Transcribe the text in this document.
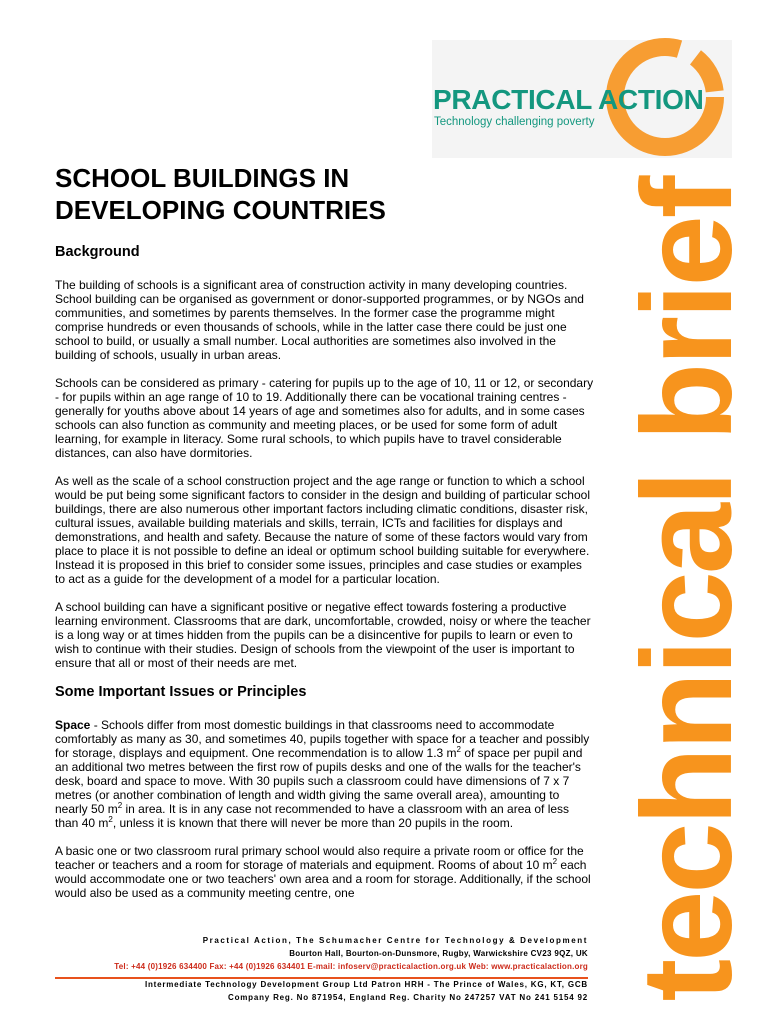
PRACTICAL ACTION
Technology challenging poverty
technical brief
SCHOOL BUILDINGS IN
DEVELOPING COUNTRIES
Background

The building of schools is a significant area of construction activity in many developing countries. School building can be organised as government or donor-supported programmes, or by NGOs and communities, and sometimes by parents themselves. In the former case the programme might comprise hundreds or even thousands of schools, while in the latter case there could be just one school to build, or usually a small number. Local authorities are sometimes also involved in the building of schools, usually in urban areas.

Schools can be considered as primary - catering for pupils up to the age of 10, 11 or 12, or secondary - for pupils within an age range of 10 to 19. Additionally there can be vocational training centres - generally for youths above about 14 years of age and sometimes also for adults, and in some cases schools can also function as community and meeting places, or be used for some form of adult learning, for example in literacy. Some rural schools, to which pupils have to travel considerable distances, can also have dormitories.

As well as the scale of a school construction project and the age range or function to which a school would be put being some significant factors to consider in the design and building of particular school buildings, there are also numerous other important factors including climatic conditions, disaster risk, cultural issues, available building materials and skills, terrain, ICTs and facilities for displays and demonstrations, and health and safety. Because the nature of some of these factors would vary from place to place it is not possible to define an ideal or optimum school building suitable for everywhere. Instead it is proposed in this brief to consider some issues, principles and case studies or examples to act as a guide for the development of a model for a particular location.

A school building can have a significant positive or negative effect towards fostering a productive learning environment. Classrooms that are dark, uncomfortable, crowded, noisy or where the teacher is a long way or at times hidden from the pupils can be a disincentive for pupils to learn or even to wish to continue with their studies. Design of schools from the viewpoint of the user is important to ensure that all or most of their needs are met.

Some Important Issues or Principles

Space - Schools differ from most domestic buildings in that classrooms need to accommodate comfortably as many as 30, and sometimes 40, pupils together with space for a teacher and possibly for storage, displays and equipment. One recommendation is to allow 1.3 $m^2$ of space per pupil and an additional two metres between the first row of pupils desks and one of the walls for the teacher's desk, board and space to move. With 30 pupils such a classroom could have dimensions of 7 x 7 metres (or another combination of length and width giving the same overall area), amounting to nearly 50 $m^2$ in area. It is in any case not recommended to have a classroom with an area of less than 40 $m^2$, unless it is known that there will never be more than 20 pupils in the room.

A basic one or two classroom rural primary school would also require a private room or office for the teacher or teachers and a room for storage of materials and equipment. Rooms of about 10 $m^2$ each would accommodate one or two teachers' own area and a room for storage. Additionally, if the school would also be used as a community meeting centre, one

Practical Action, The Schumacher Centre for Technology & Development
Bourton Hall, Bourton-on-Dunsmore, Rugby, Warwickshire CV23 9QZ, UK
Tel: +44 (0)1926 634400 Fax: +44 (0)1926 634401 E-mail: infoserv@practicalaction.org.uk Web: www.practicalaction.org
Intermediate Technology Development Group Ltd Patron HRH - The Prince of Wales, KG, KT, GCB
Company Reg. No 871954, England Reg. Charity No 247257 VAT No 241 5154 92
